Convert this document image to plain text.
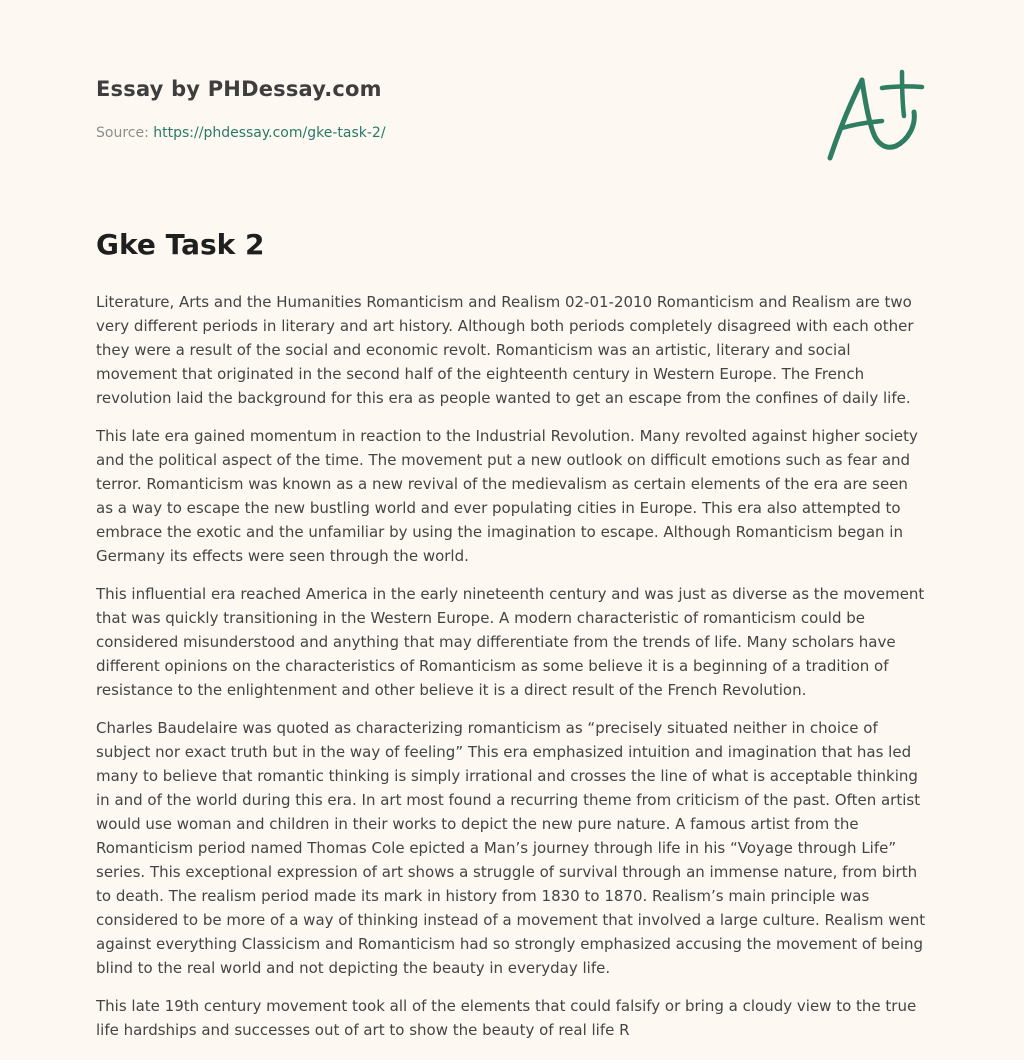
Essay by PHDessay.com
Source: https://phdessay.com/gke-task-2/
Gke Task 2

Literature, Arts and the Humanities Romanticism and Realism 02-01-2010 Romanticism and Realism are two very different periods in literary and art history. Although both periods completely disagreed with each other they were a result of the social and economic revolt. Romanticism was an artistic, literary and social movement that originated in the second half of the eighteenth century in Western Europe. The French revolution laid the background for this era as people wanted to get an escape from the confines of daily life.

This late era gained momentum in reaction to the Industrial Revolution. Many revolted against higher society and the political aspect of the time. The movement put a new outlook on difficult emotions such as fear and terror. Romanticism was known as a new revival of the medievalism as certain elements of the era are seen as a way to escape the new bustling world and ever populating cities in Europe. This era also attempted to embrace the exotic and the unfamiliar by using the imagination to escape. Although Romanticism began in Germany its effects were seen through the world.

This influential era reached America in the early nineteenth century and was just as diverse as the movement that was quickly transitioning in the Western Europe. A modern characteristic of romanticism could be considered misunderstood and anything that may differentiate from the trends of life. Many scholars have different opinions on the characteristics of Romanticism as some believe it is a beginning of a tradition of resistance to the enlightenment and other believe it is a direct result of the French Revolution.

Charles Baudelaire was quoted as characterizing romanticism as “precisely situated neither in choice of subject nor exact truth but in the way of feeling” This era emphasized intuition and imagination that has led many to believe that romantic thinking is simply irrational and crosses the line of what is acceptable thinking in and of the world during this era. In art most found a recurring theme from criticism of the past. Often artist would use woman and children in their works to depict the new pure nature. A famous artist from the Romanticism period named Thomas Cole epicted a Man’s journey through life in his “Voyage through Life” series. This exceptional expression of art shows a struggle of survival through an immense nature, from birth to death. The realism period made its mark in history from 1830 to 1870. Realism’s main principle was considered to be more of a way of thinking instead of a movement that involved a large culture. Realism went against everything Classicism and Romanticism had so strongly emphasized accusing the movement of being blind to the real world and not depicting the beauty in everyday life.

This late 19th century movement took all of the elements that could falsify or bring a cloudy view to the true life hardships and successes out of art to show the beauty of real life R
